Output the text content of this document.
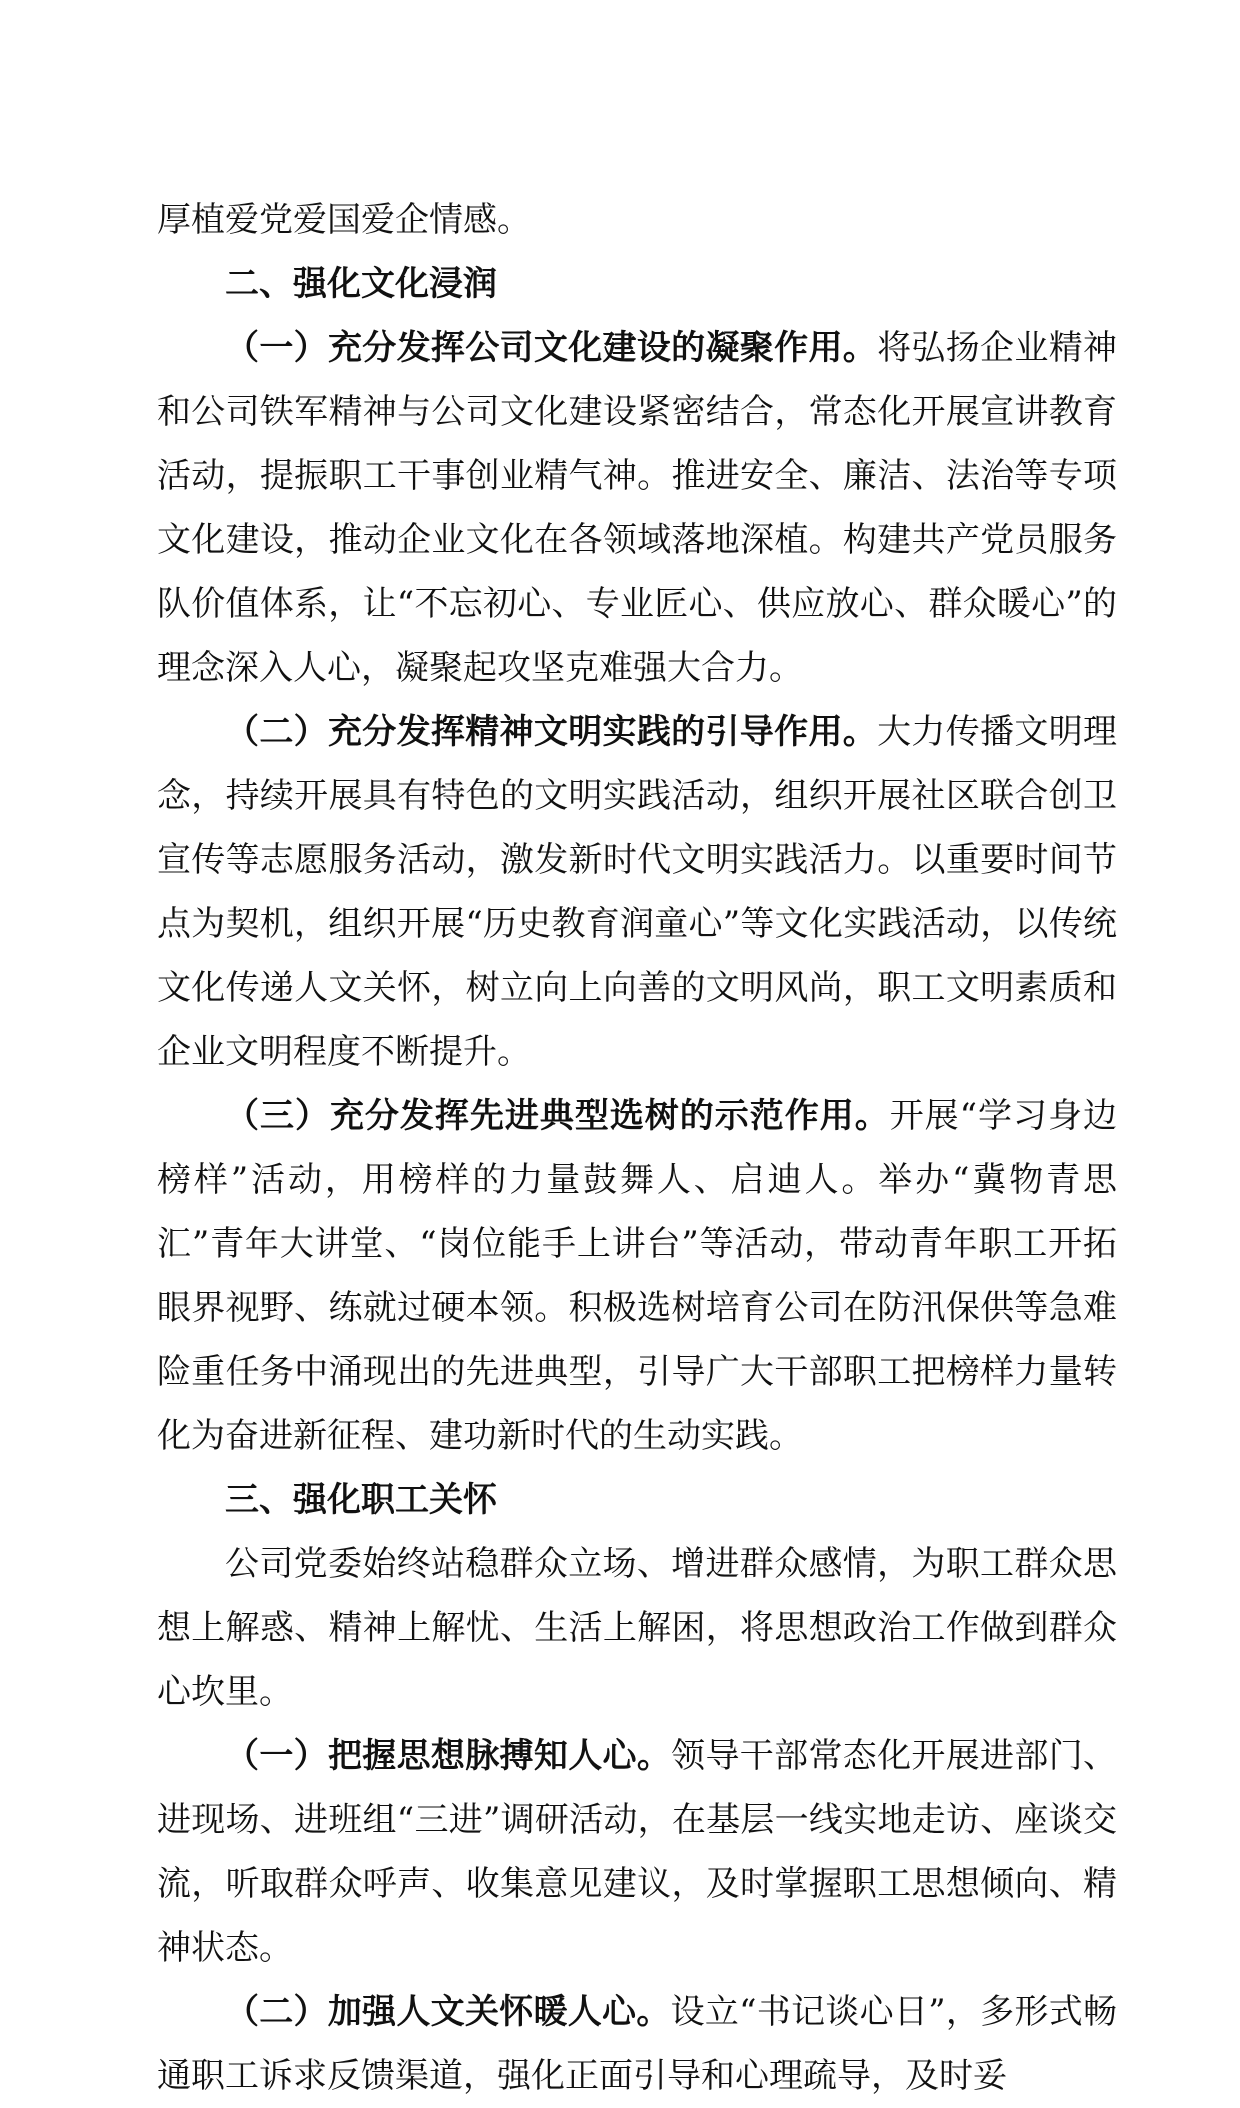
厚植爱党爱国爱企情感。

二、强化文化浸润

（一）充分发挥公司文化建设的凝聚作用。将弘扬企业精神和公司铁军精神与公司文化建设紧密结合，常态化开展宣讲教育活动，提振职工干事创业精气神。推进安全、廉洁、法治等专项文化建设，推动企业文化在各领域落地深植。构建共产党员服务队价值体系，让“不忘初心、专业匠心、供应放心、群众暖心”的理念深入人心，凝聚起攻坚克难强大合力。

（二）充分发挥精神文明实践的引导作用。大力传播文明理念，持续开展具有特色的文明实践活动，组织开展社区联合创卫宣传等志愿服务活动，激发新时代文明实践活力。以重要时间节点为契机，组织开展“历史教育润童心”等文化实践活动，以传统文化传递人文关怀，树立向上向善的文明风尚，职工文明素质和企业文明程度不断提升。

（三）充分发挥先进典型选树的示范作用。开展“学习身边榜样”活动，用榜样的力量鼓舞人、启迪人。举办“冀物青思汇”青年大讲堂、“岗位能手上讲台”等活动，带动青年职工开拓眼界视野、练就过硬本领。积极选树培育公司在防汛保供等急难险重任务中涌现出的先进典型，引导广大干部职工把榜样力量转化为奋进新征程、建功新时代的生动实践。

三、强化职工关怀

公司党委始终站稳群众立场、增进群众感情，为职工群众思想上解惑、精神上解忧、生活上解困，将思想政治工作做到群众心坎里。

（一）把握思想脉搏知人心。领导干部常态化开展进部门、进现场、进班组“三进”调研活动，在基层一线实地走访、座谈交流，听取群众呼声、收集意见建议，及时掌握职工思想倾向、精神状态。

（二）加强人文关怀暖人心。设立“书记谈心日”，多形式畅通职工诉求反馈渠道，强化正面引导和心理疏导，及时妥
